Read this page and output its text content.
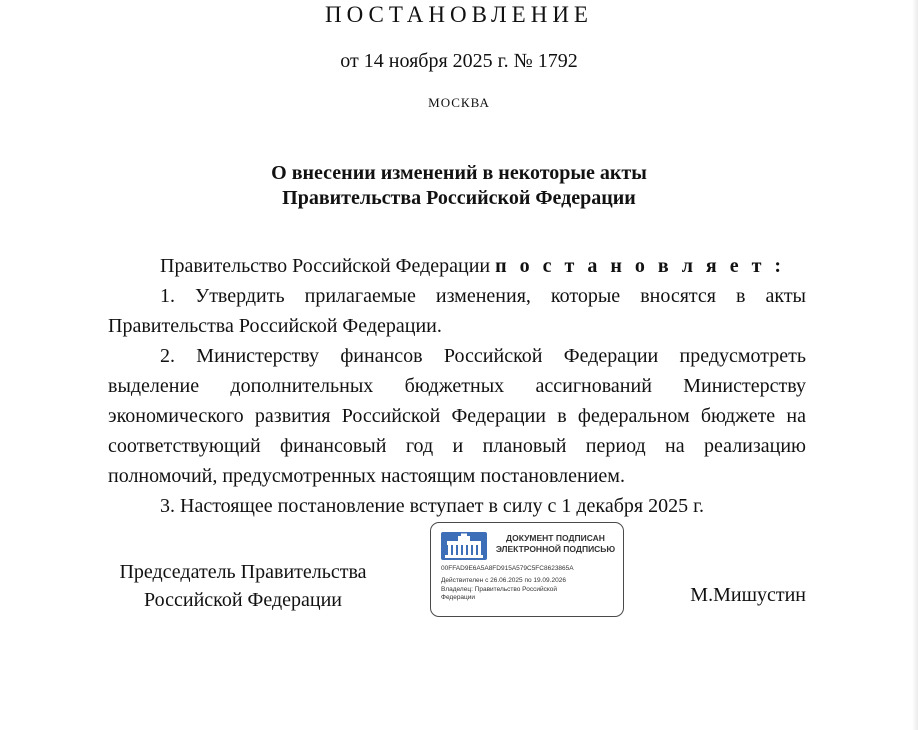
ПОСТАНОВЛЕНИЕ
от 14 ноября 2025 г. № 1792
МОСКВА
О внесении изменений в некоторые акты
Правительства Российской Федерации
Правительство Российской Федерации п о с т а н о в л я е т :

1. Утвердить прилагаемые изменения, которые вносятся в акты Правительства Российской Федерации.

2. Министерству финансов Российской Федерации предусмотреть выделение дополнительных бюджетных ассигнований Министерству экономического развития Российской Федерации в федеральном бюджете на соответствующий финансовый год и плановый период на реализацию полномочий, предусмотренных настоящим постановлением.

3. Настоящее постановление вступает в силу с 1 декабря 2025 г.

Председатель Правительства
Российской Федерации
ДОКУМЕНТ ПОДПИСАН
ЭЛЕКТРОННОЙ ПОДПИСЬЮ
00FFAD9E6A5A8FD915A579C5FC8623865A
Действителен с 26.06.2025 по 19.09.2026
Владелец: Правительство Российской
Федерации	М.Мишустин
